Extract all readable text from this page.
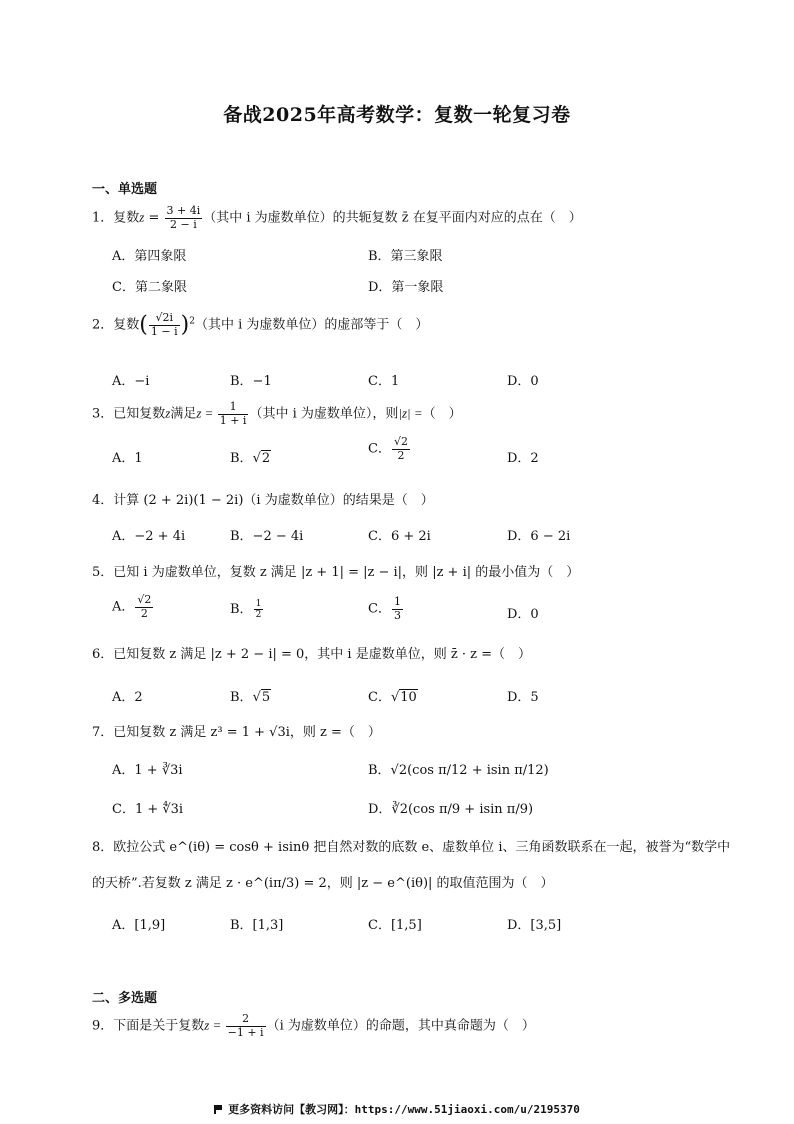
备战2025年高考数学：复数一轮复习卷
一、单选题
1．复数$z = \frac{3 + 4i}{2 - i}$ （其中 i 为虚数单位）的共轭复数 z̄ 在复平面内对应的点在（　）
A．第四象限	B．第三象限
C．第二象限	D．第一象限
2．复数( $\frac{√2i}{1 - i} )^2$（其中 i 为虚数单位）的虚部等于（　）
A．−i	B．−1	C．1	D．0
3．已知复数z满足$z = \frac{1}{1 + i}$ （其中 i 为虚数单位），则|z| =（　）
A．1	B．√2
C． $\frac{√2}{2}$	D．2
4．计算 (2 + 2i)(1 − 2i)（i 为虚数单位）的结果是（　）
A．−2 + 4i	B．−2 − 4i	C．6 + 2i	D．6 − 2i
5．已知 i 为虚数单位，复数 z 满足 |z + 1| = |z − i|，则 |z + i| 的最小值为（　）
A． $\frac{√2}{2}$	B． $\frac{1}{2}$	C． $\frac{1}{3}$	D．0
6．已知复数 z 满足 |z + 2 − i| = 0，其中 i 是虚数单位，则 z̄ · z =（　）
A．2	B．√5	C．√10	D．5
7．已知复数 z 满足 z³ = 1 + √3i，则 z =（　）
A．1 + ∛3i	B．√2(cos π/12 + isin π/12)
C．1 + ∜3i	D．∛2(cos π/9 + isin π/9)
8．欧拉公式 e^(iθ) = cosθ + isinθ 把自然对数的底数 e、虚数单位 i、三角函数联系在一起，被誉为“数学中
的天桥”.若复数 z 满足 z · e^(iπ/3) = 2，则 |z − e^(iθ)| 的取值范围为（　）
A．[1,9]	B．[1,3]	C．[1,5]	D．[3,5]
二、多选题
9．下面是关于复数$z = \frac{2}{-1 + i} (i$ 为虚数单位）的命题，其中真命题为（　）
更多资料访问【教习网】：https://www.51jiaoxi.com/u/2195370
